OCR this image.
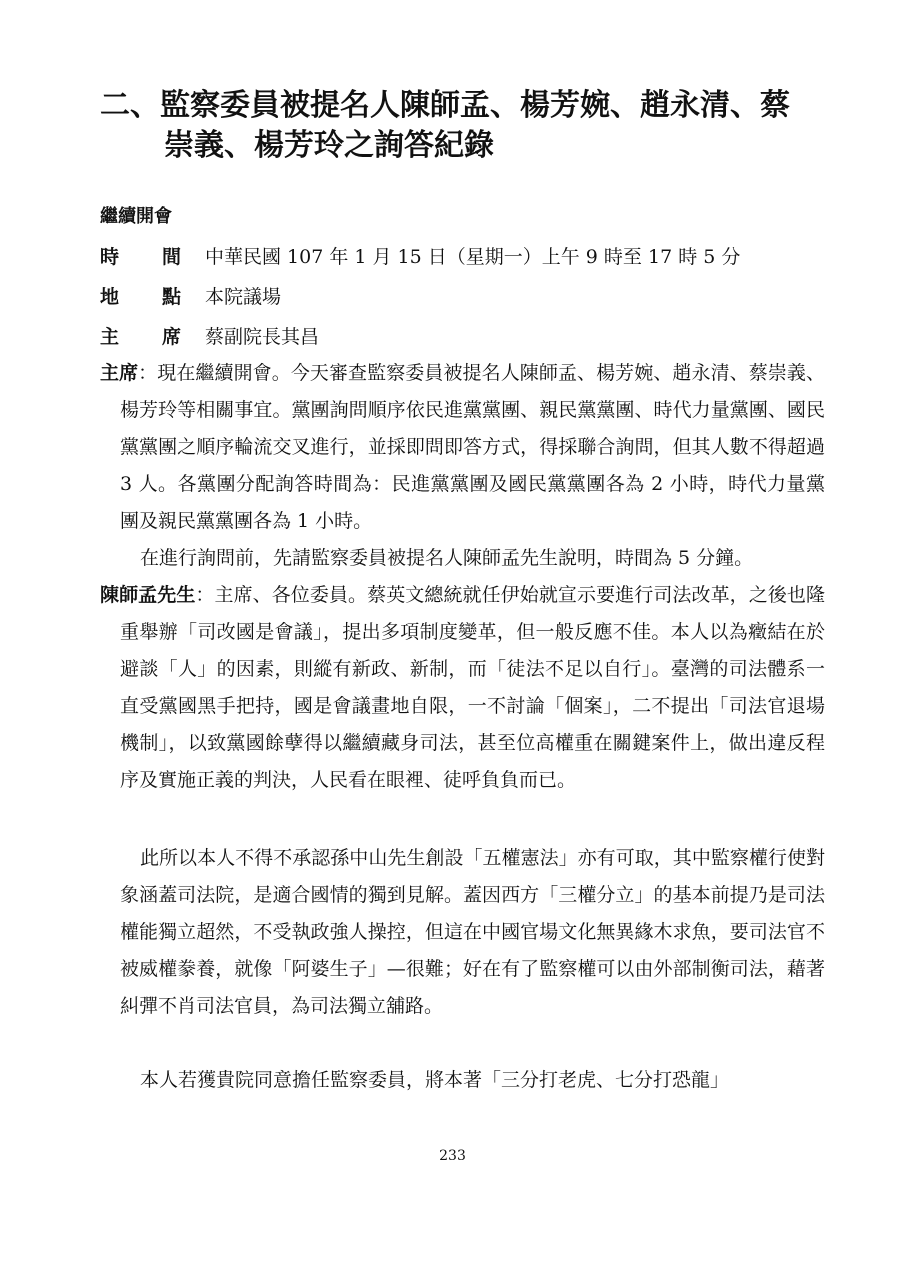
二、監察委員被提名人陳師孟、楊芳婉、趙永清、蔡
崇義、楊芳玲之詢答紀錄
繼續開會
時 間 中華民國 107 年 1 月 15 日（星期一）上午 9 時至 17 時 5 分
地 點 本院議場
主 席 蔡副院長其昌
主席：現在繼續開會。今天審查監察委員被提名人陳師孟、楊芳婉、趙永清、蔡崇義、楊芳玲等相關事宜。黨團詢問順序依民進黨黨團、親民黨黨團、時代力量黨團、國民黨黨團之順序輪流交叉進行，並採即問即答方式，得採聯合詢問，但其人數不得超過 3 人。各黨團分配詢答時間為：民進黨黨團及國民黨黨團各為 2 小時，時代力量黨團及親民黨黨團各為 1 小時。
在進行詢問前，先請監察委員被提名人陳師孟先生說明，時間為 5 分鐘。
陳師孟先生：主席、各位委員。蔡英文總統就任伊始就宣示要進行司法改革，之後也隆重舉辦「司改國是會議」，提出多項制度變革，但一般反應不佳。本人以為癥結在於避談「人」的因素，則縱有新政、新制，而「徒法不足以自行」。臺灣的司法體系一直受黨國黑手把持，國是會議畫地自限，一不討論「個案」，二不提出「司法官退場機制」，以致黨國餘孽得以繼續藏身司法，甚至位高權重在關鍵案件上，做出違反程序及實施正義的判決，人民看在眼裡、徒呼負負而已。
此所以本人不得不承認孫中山先生創設「五權憲法」亦有可取，其中監察權行使對象涵蓋司法院，是適合國情的獨到見解。蓋因西方「三權分立」的基本前提乃是司法權能獨立超然，不受執政強人操控，但這在中國官場文化無異緣木求魚，要司法官不被威權豢養，就像「阿婆生子」—很難；好在有了監察權可以由外部制衡司法，藉著糾彈不肖司法官員，為司法獨立舖路。
本人若獲貴院同意擔任監察委員，將本著「三分打老虎、七分打恐龍」
233
